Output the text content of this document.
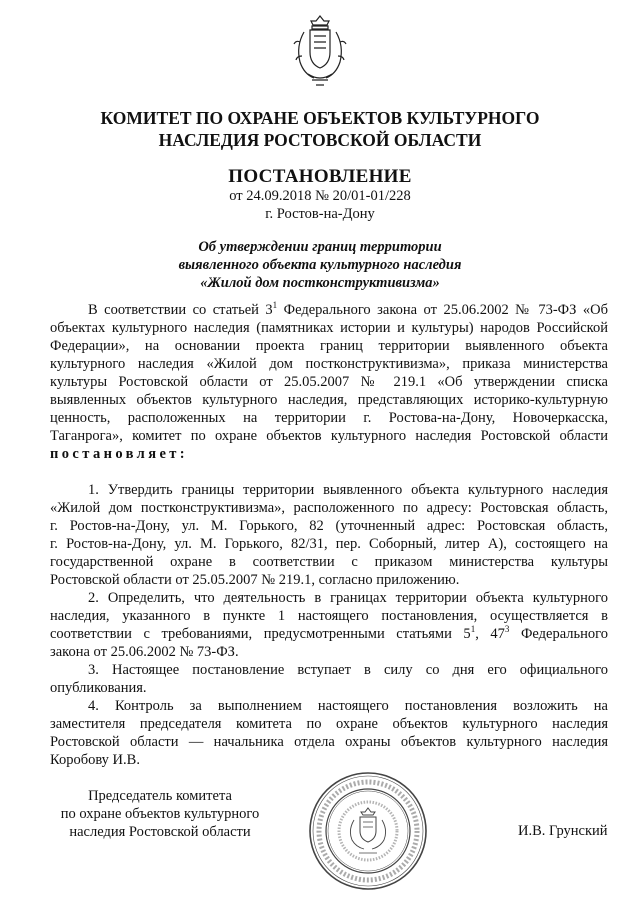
КОМИТЕТ ПО ОХРАНЕ ОБЪЕКТОВ КУЛЬТУРНОГО
НАСЛЕДИЯ РОСТОВСКОЙ ОБЛАСТИ
ПОСТАНОВЛЕНИЕ
от 24.09.2018 № 20/01-01/228
г. Ростов-на-Дону
Об утверждении границ территории
выявленного объекта культурного наследия
«Жилой дом постконструктивизма»
В соответствии со статьей $3^1$ Федерального закона от 25.06.2002 № 73-ФЗ «Об
объектах культурного наследия (памятниках истории и культуры) народов Российской
Федерации», на основании проекта границ территории выявленного объекта
культурного наследия «Жилой дом постконструктивизма», приказа министерства
культуры Ростовской области от 25.05.2007 № 219.1 «Об утверждении списка
выявленных объектов культурного наследия, представляющих историко-культурную
ценность, расположенных на территории г. Ростова-на-Дону, Новочеркасска,
Таганрога», комитет по охране объектов культурного наследия Ростовской области
постановляет:
1. Утвердить границы территории выявленного объекта культурного наследия
«Жилой дом постконструктивизма», расположенного по адресу: Ростовская область,
г. Ростов-на-Дону, ул. М. Горького, 82 (уточненный адрес: Ростовская область,
г. Ростов-на-Дону, ул. М. Горького, 82/31, пер. Соборный, литер А), состоящего на
государственной охране в соответствии с приказом министерства культуры
Ростовской области от 25.05.2007 № 219.1, согласно приложению.
2. Определить, что деятельность в границах территории объекта культурного
наследия, указанного в пункте 1 настоящего постановления, осуществляется в
соответствии с требованиями, предусмотренными статьями $5^1$, $47^3$ Федерального
закона от 25.06.2002 № 73-ФЗ.
3. Настоящее постановление вступает в силу со дня его официального
опубликования.
4. Контроль за выполнением настоящего постановления возложить на
заместителя председателя комитета по охране объектов культурного наследия
Ростовской области — начальника отдела охраны объектов культурного наследия
Коробову И.В.
Председатель комитета
по охране объектов культурного
наследия Ростовской области	И.В. Грунский
